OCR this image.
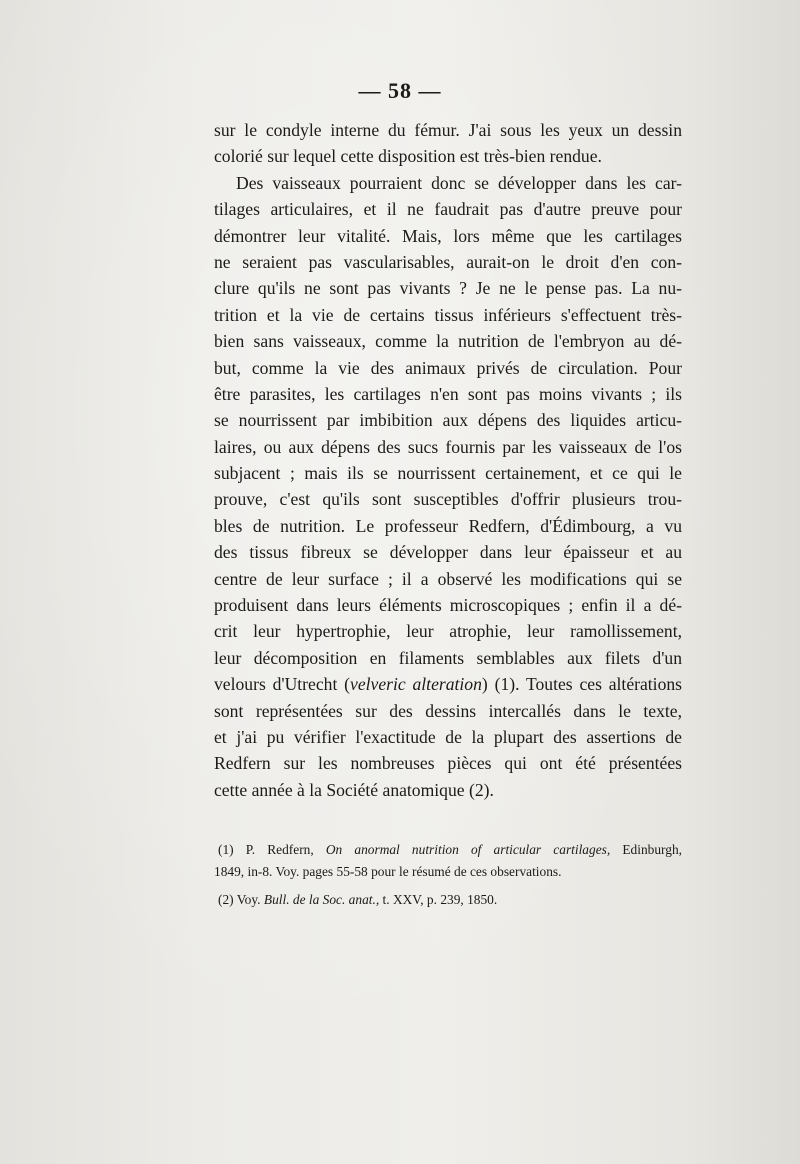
— 58 —
sur le condyle interne du fémur. J'ai sous les yeux un dessin
colorié sur lequel cette disposition est très-bien rendue.
Des vaisseaux pourraient donc se développer dans les car-
tilages articulaires, et il ne faudrait pas d'autre preuve pour
démontrer leur vitalité. Mais, lors même que les cartilages
ne seraient pas vascularisables, aurait-on le droit d'en con-
clure qu'ils ne sont pas vivants ? Je ne le pense pas. La nu-
trition et la vie de certains tissus inférieurs s'effectuent très-
bien sans vaisseaux, comme la nutrition de l'embryon au dé-
but, comme la vie des animaux privés de circulation. Pour
être parasites, les cartilages n'en sont pas moins vivants ; ils
se nourrissent par imbibition aux dépens des liquides articu-
laires, ou aux dépens des sucs fournis par les vaisseaux de l'os
subjacent ; mais ils se nourrissent certainement, et ce qui le
prouve, c'est qu'ils sont susceptibles d'offrir plusieurs trou-
bles de nutrition. Le professeur Redfern, d'Édimbourg, a vu
des tissus fibreux se développer dans leur épaisseur et au
centre de leur surface ; il a observé les modifications qui se
produisent dans leurs éléments microscopiques ; enfin il a dé-
crit leur hypertrophie, leur atrophie, leur ramollissement,
leur décomposition en filaments semblables aux filets d'un
velours d'Utrecht (velveric alteration) (1). Toutes ces altérations
sont représentées sur des dessins intercallés dans le texte,
et j'ai pu vérifier l'exactitude de la plupart des assertions de
Redfern sur les nombreuses pièces qui ont été présentées
cette année à la Société anatomique (2).
(1) P. Redfern, On anormal nutrition of articular cartilages, Edinburgh,
1849, in-8. Voy. pages 55-58 pour le résumé de ces observations.
(2) Voy. Bull. de la Soc. anat., t. XXV, p. 239, 1850.
